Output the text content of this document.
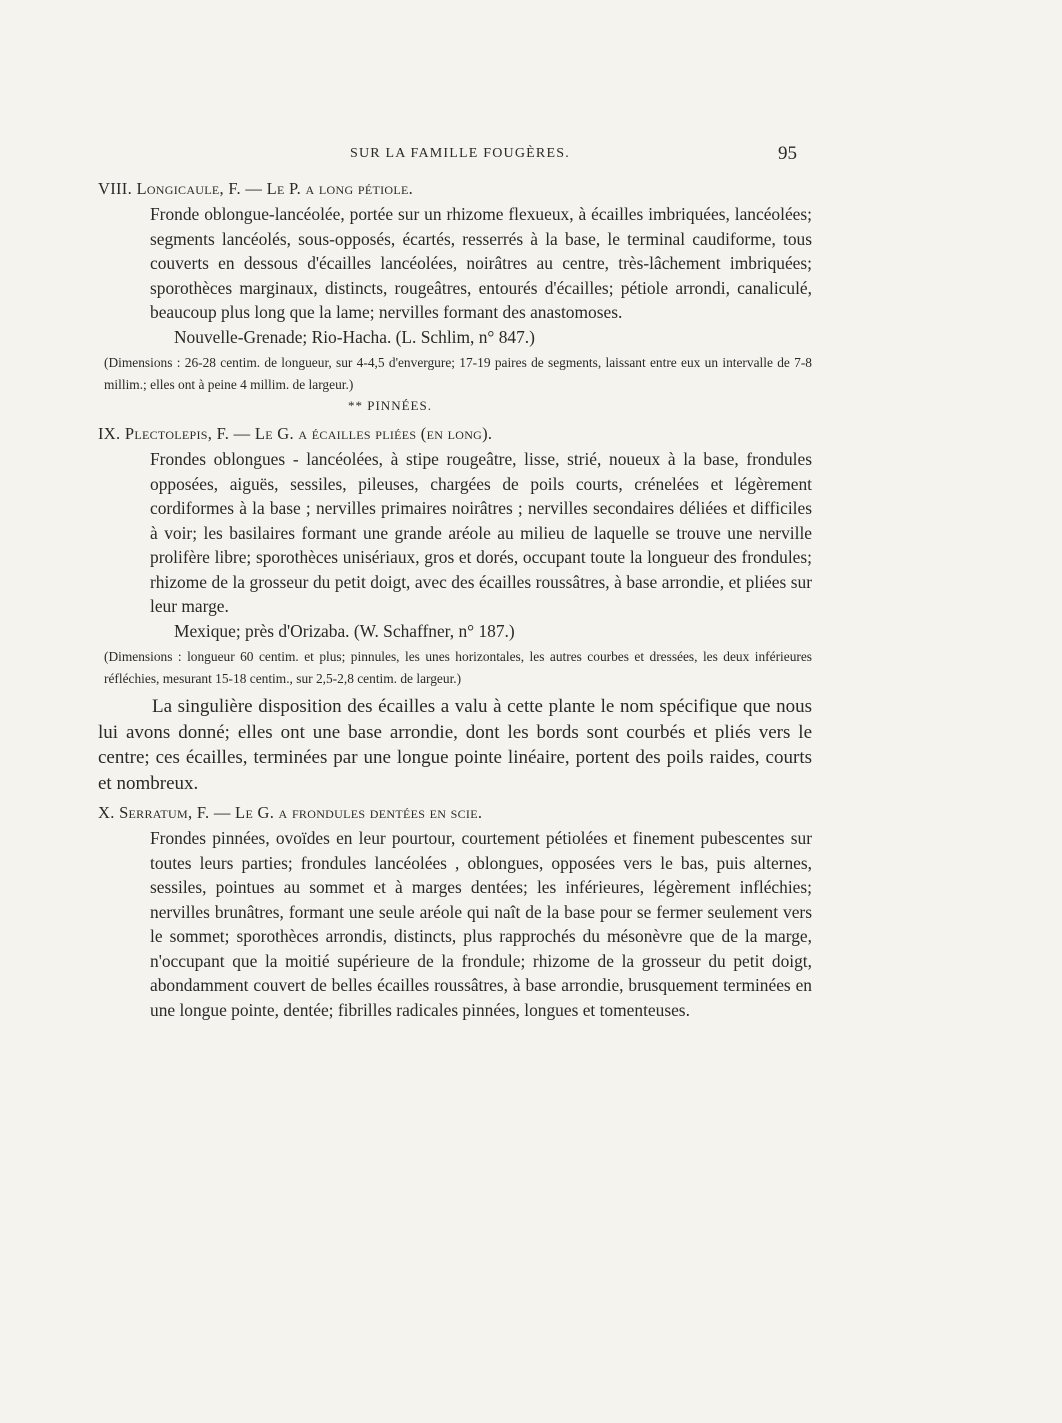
SUR LA FAMILLE FOUGÈRES.	95
VIII. Longicaule, F. — Le P. a long pétiole.
Fronde oblongue-lancéolée, portée sur un rhizome flexueux, à écailles imbriquées, lancéolées; segments lancéolés, sous-opposés, écartés, resserrés à la base, le terminal caudiforme, tous couverts en dessous d'écailles lancéolées, noirâtres au centre, très-lâchement imbriquées; sporothèces marginaux, distincts, rougeâtres, entourés d'écailles; pétiole arrondi, canaliculé, beaucoup plus long que la lame; nervilles formant des anastomoses.
Nouvelle-Grenade; Rio-Hacha. (L. Schlim, n° 847.)
(Dimensions : 26-28 centim. de longueur, sur 4-4,5 d'envergure; 17-19 paires de segments, laissant entre eux un intervalle de 7-8 millim.; elles ont à peine 4 millim. de largeur.)
** PINNÉES.
IX. Plectolepis, F. — Le G. a écailles pliées (en long).
Frondes oblongues - lancéolées, à stipe rougeâtre, lisse, strié, noueux à la base, frondules opposées, aiguës, sessiles, pileuses, chargées de poils courts, crénelées et légèrement cordiformes à la base ; nervilles primaires noirâtres ; nervilles secondaires déliées et difficiles à voir; les basilaires formant une grande aréole au milieu de laquelle se trouve une nerville prolifère libre; sporothèces unisériaux, gros et dorés, occupant toute la longueur des frondules; rhizome de la grosseur du petit doigt, avec des écailles roussâtres, à base arrondie, et pliées sur leur marge.
Mexique; près d'Orizaba. (W. Schaffner, n° 187.)
(Dimensions : longueur 60 centim. et plus; pinnules, les unes horizontales, les autres courbes et dressées, les deux inférieures réfléchies, mesurant 15-18 centim., sur 2,5-2,8 centim. de largeur.)
La singulière disposition des écailles a valu à cette plante le nom spécifique que nous lui avons donné; elles ont une base arrondie, dont les bords sont courbés et pliés vers le centre; ces écailles, terminées par une longue pointe linéaire, portent des poils raides, courts et nombreux.
X. Serratum, F. — Le G. a frondules dentées en scie.
Frondes pinnées, ovoïdes en leur pourtour, courtement pétiolées et finement pubescentes sur toutes leurs parties; frondules lancéolées , oblongues, opposées vers le bas, puis alternes, sessiles, pointues au sommet et à marges dentées; les inférieures, légèrement infléchies; nervilles brunâtres, formant une seule aréole qui naît de la base pour se fermer seulement vers le sommet; sporothèces arrondis, distincts, plus rapprochés du mésonèvre que de la marge, n'occupant que la moitié supérieure de la frondule; rhizome de la grosseur du petit doigt, abondamment couvert de belles écailles roussâtres, à base arrondie, brusquement terminées en une longue pointe, dentée; fibrilles radicales pinnées, longues et tomenteuses.
